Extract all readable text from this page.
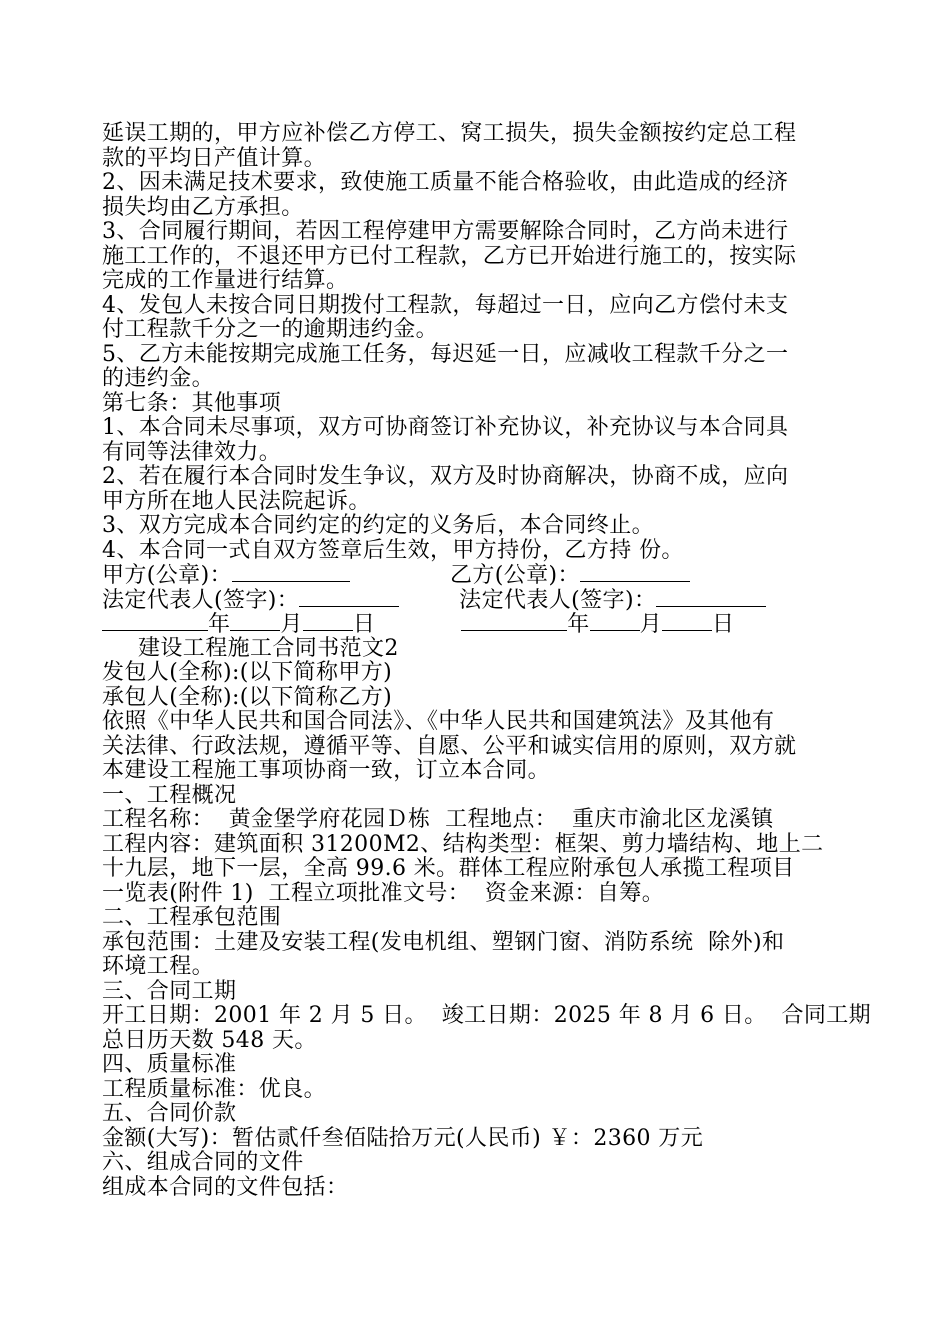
延误工期的，甲方应补偿乙方停工、窝工损失，损失金额按约定总工程
款的平均日产值计算。
2、因未满足技术要求，致使施工质量不能合格验收，由此造成的经济
损失均由乙方承担。
3、合同履行期间，若因工程停建甲方需要解除合同时，乙方尚未进行
施工工作的，不退还甲方已付工程款，乙方已开始进行施工的，按实际
完成的工作量进行结算。
4、发包人未按合同日期拨付工程款，每超过一日，应向乙方偿付未支
付工程款千分之一的逾期违约金。
5、乙方未能按期完成施工任务，每迟延一日，应减收工程款千分之一
的违约金。
第七条：其他事项
1、本合同未尽事项，双方可协商签订补充协议，补充协议与本合同具
有同等法律效力。
2、若在履行本合同时发生争议，双方及时协商解决，协商不成，应向
甲方所在地人民法院起诉。
3、双方完成本合同约定的约定的义务后，本合同终止。
4、本合同一式自双方签章后生效，甲方持份，乙方持 份。
甲方(公章)：	乙方(公章)：
法定代表人(签字)：	法定代表人(签字)：
年 月 日	年 月 日
建设工程施工合同书范文2
发包人(全称):(以下简称甲方)
承包人(全称):(以下简称乙方)
依照《中华人民共和国合同法》、《中华人民共和国建筑法》及其他有
关法律、行政法规，遵循平等、自愿、公平和诚实信用的原则，双方就
本建设工程施工事项协商一致，订立本合同。
一、工程概况
工程名称：  黄金堡学府花园Ｄ栋  工程地点：  重庆市渝北区龙溪镇
工程内容：建筑面积 31200M2、结构类型：框架、剪力墙结构、地上二
十九层，地下一层，全高 99.6 米。群体工程应附承包人承揽工程项目
一览表(附件 1)  工程立项批准文号：  资金来源：自筹。
二、工程承包范围
承包范围：土建及安装工程(发电机组、塑钢门窗、消防系统  除外)和
环境工程。
三、合同工期
开工日期：2001 年 2 月 5 日。  竣工日期：2025 年 8 月 6 日。  合同工期
总日历天数 548 天。
四、质量标准
工程质量标准：优良。
五、合同价款
金额(大写)：暂估贰仟叁佰陆拾万元(人民币) ￥：2360 万元
六、组成合同的文件
组成本合同的文件包括：
